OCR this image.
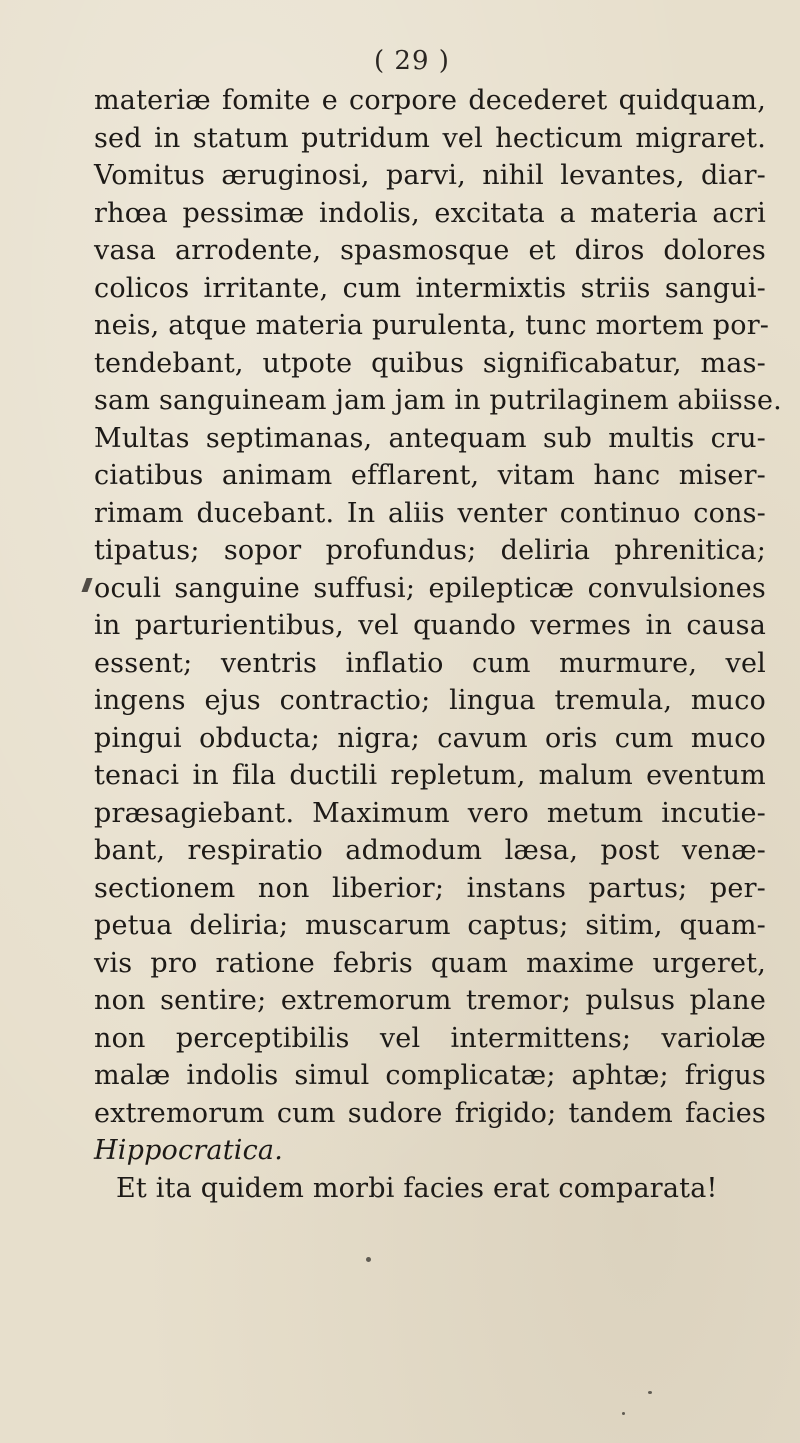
( 29 )
materiæ fomite e corpore decederet quidquam,
sed in statum putridum vel hecticum migraret.
Vomitus æruginosi, parvi, nihil levantes, diar-
rhœa pessimæ indolis, excitata a materia acri
vasa arrodente, spasmosque et diros dolores
colicos irritante, cum intermixtis striis sangui-
neis, atque materia purulenta, tunc mortem por-
tendebant, utpote quibus significabatur, mas-
sam sanguineam jam jam in putrilaginem abiisse.
Multas septimanas, antequam sub multis cru-
ciatibus animam efflarent, vitam hanc miser-
rimam ducebant. In aliis venter continuo cons-
tipatus; sopor profundus; deliria phrenitica;
oculi sanguine suffusi; epilepticæ convulsiones
in parturientibus, vel quando vermes in causa
essent; ventris inflatio cum murmure, vel
ingens ejus contractio; lingua tremula, muco
pingui obducta; nigra; cavum oris cum muco
tenaci in fila ductili repletum, malum eventum
præsagiebant. Maximum vero metum incutie-
bant, respiratio admodum læsa, post venæ-
sectionem non liberior; instans partus; per-
petua deliria; muscarum captus; sitim, quam-
vis pro ratione febris quam maxime urgeret,
non sentire; extremorum tremor; pulsus plane
non perceptibilis vel intermittens; variolæ
malæ indolis simul complicatæ; aphtæ; frigus
extremorum cum sudore frigido; tandem facies
Hippocratica.
Et ita quidem morbi facies erat comparata!
